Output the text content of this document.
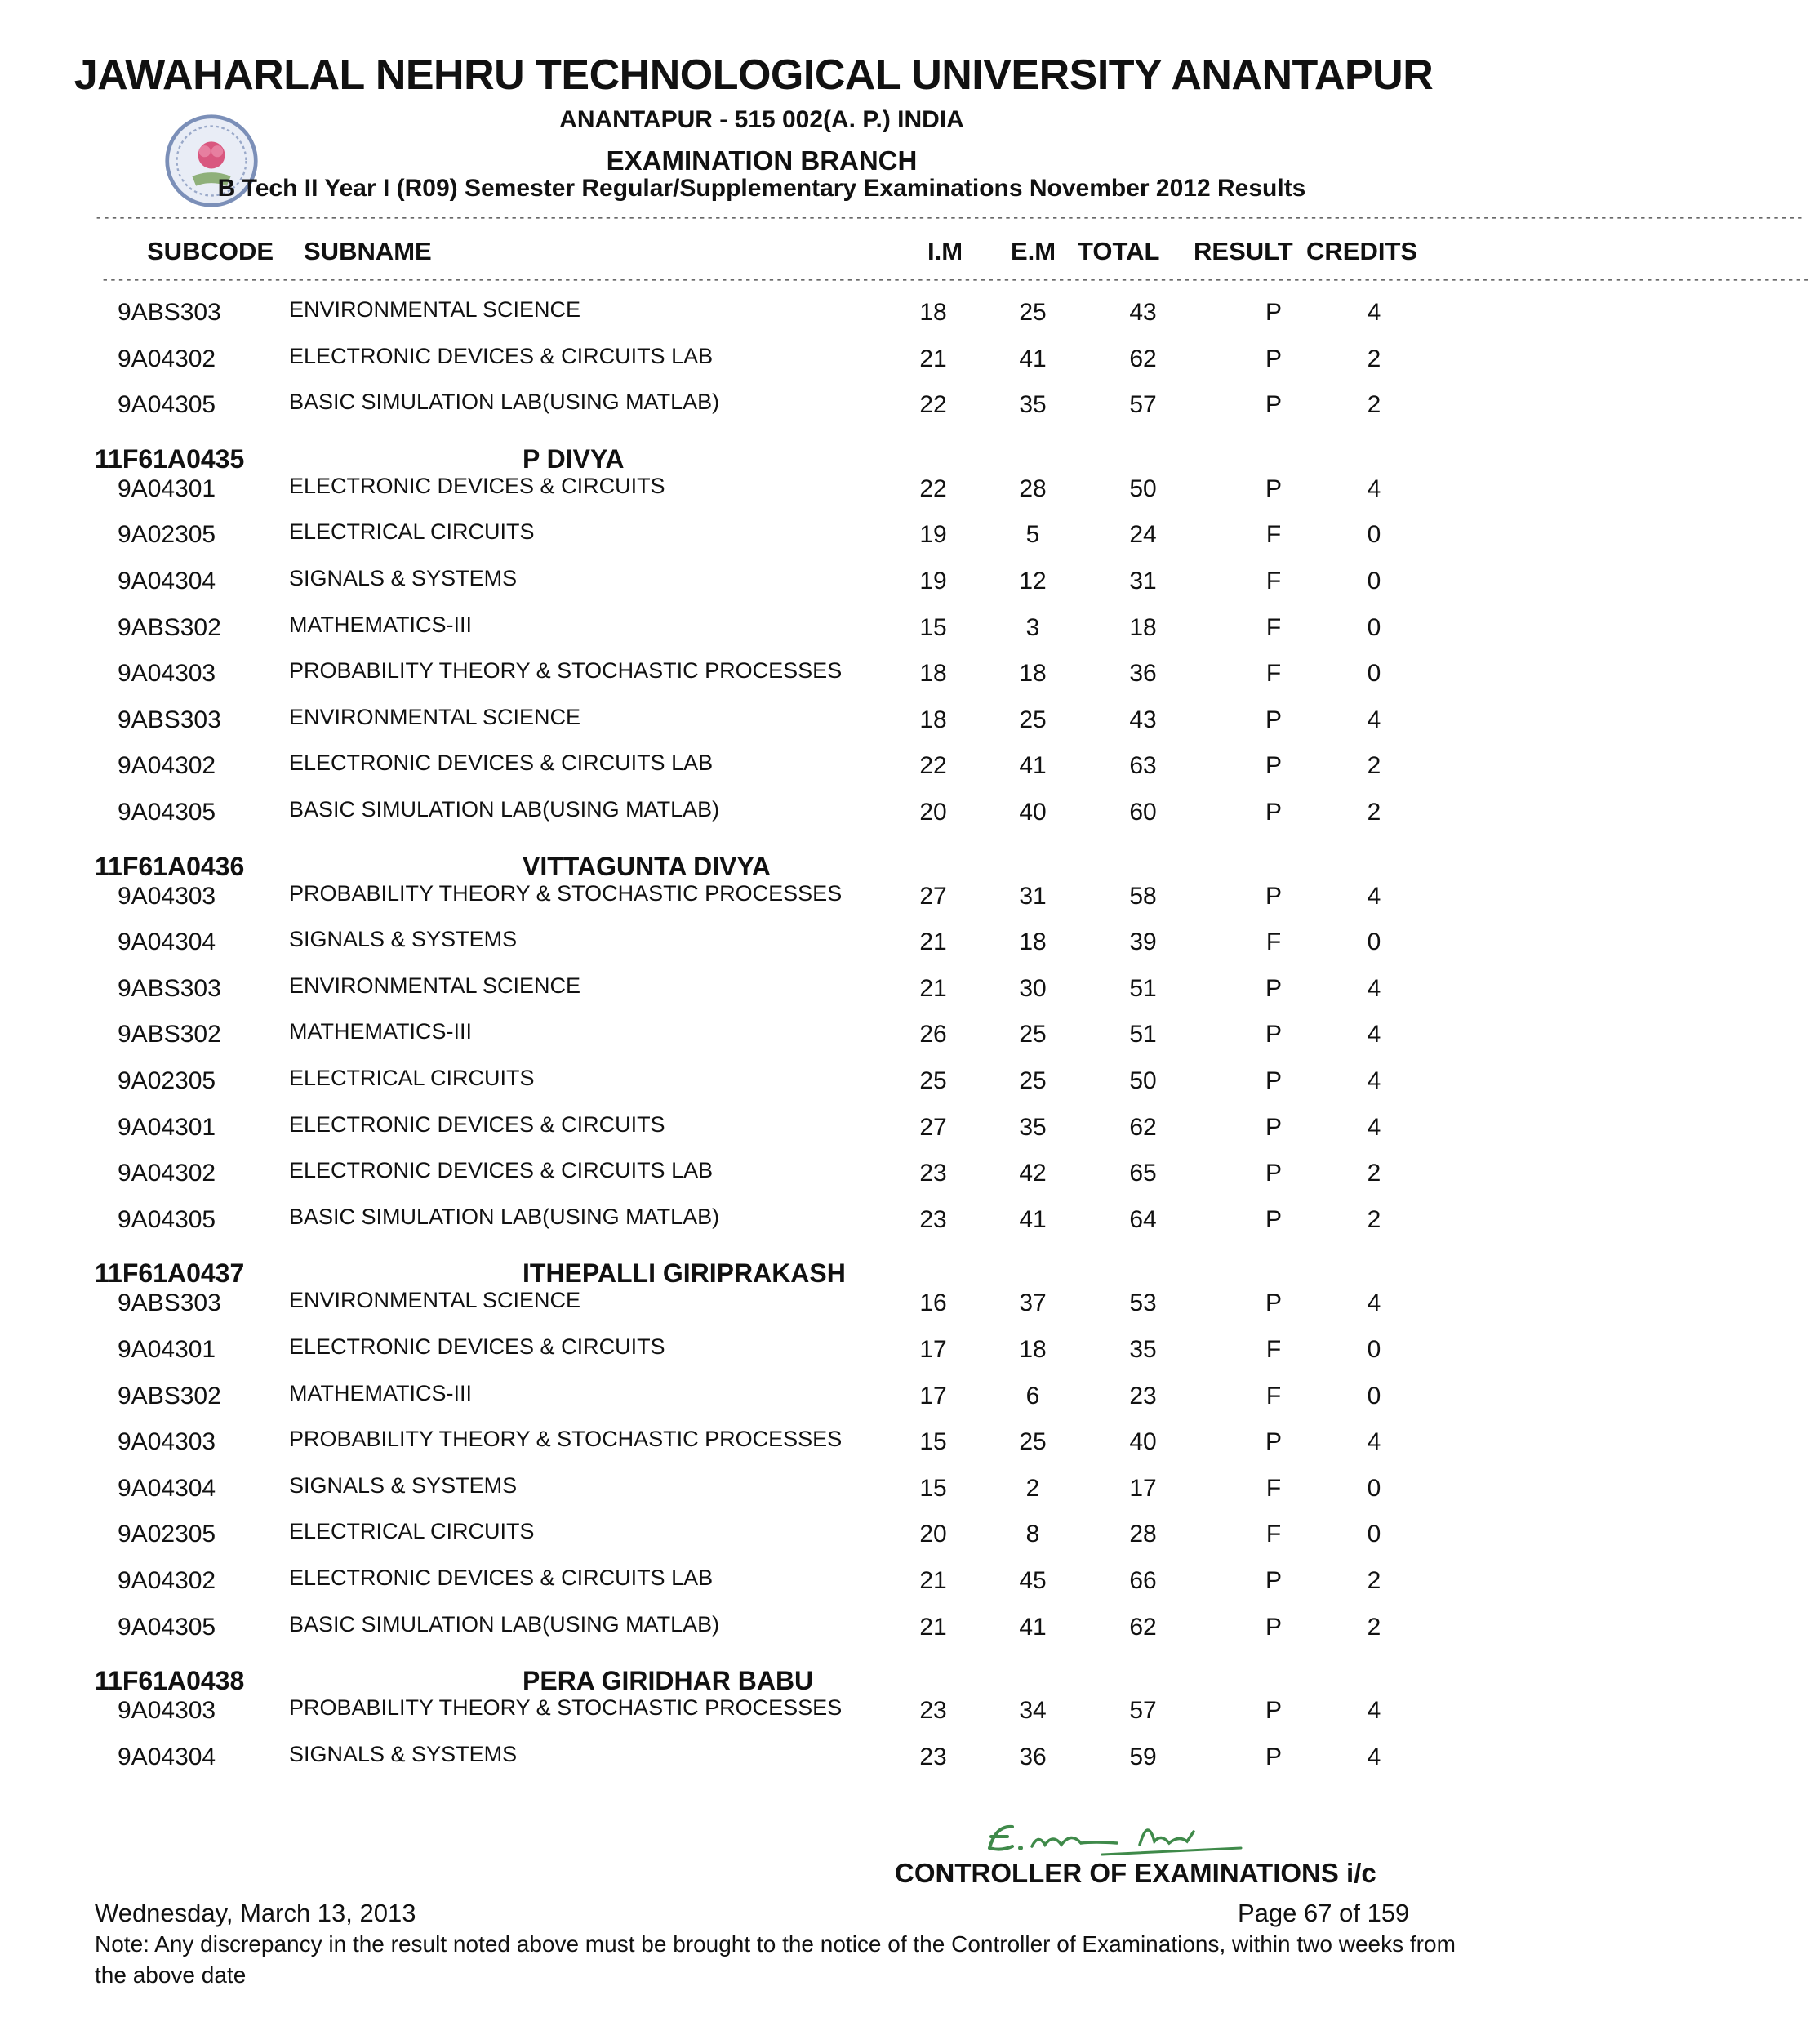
JAWAHARLAL NEHRU TECHNOLOGICAL UNIVERSITY ANANTAPUR
ANANTAPUR - 515 002(A. P.) INDIA
EXAMINATION BRANCH
B Tech II Year I (R09) Semester Regular/Supplementary Examinations November 2012 Results
--------------------------------------------------------------------------------------------------------------------------------------------------------------------------------------------------------------------------
SUBCODE SUBNAME	I.M E.M TOTAL RESULT CREDITS
--------------------------------------------------------------------------------------------------------------------------------------------------------------------------------------------------------------------------
9ABS303	ENVIRONMENTAL SCIENCE	18	25	43	P	4
9A04302	ELECTRONIC DEVICES & CIRCUITS LAB	21	41	62	P	2
9A04305	BASIC SIMULATION LAB(USING MATLAB)	22	35	57	P	2
11F61A0435	P DIVYA
9A04301	ELECTRONIC DEVICES & CIRCUITS	22	28	50	P	4
9A02305	ELECTRICAL CIRCUITS	19	5	24	F	0
9A04304	SIGNALS & SYSTEMS	19	12	31	F	0
9ABS302	MATHEMATICS-III	15	3	18	F	0
9A04303	PROBABILITY THEORY & STOCHASTIC PROCESSES	18	18	36	F	0
9ABS303	ENVIRONMENTAL SCIENCE	18	25	43	P	4
9A04302	ELECTRONIC DEVICES & CIRCUITS LAB	22	41	63	P	2
9A04305	BASIC SIMULATION LAB(USING MATLAB)	20	40	60	P	2
11F61A0436	VITTAGUNTA DIVYA
9A04303	PROBABILITY THEORY & STOCHASTIC PROCESSES	27	31	58	P	4
9A04304	SIGNALS & SYSTEMS	21	18	39	F	0
9ABS303	ENVIRONMENTAL SCIENCE	21	30	51	P	4
9ABS302	MATHEMATICS-III	26	25	51	P	4
9A02305	ELECTRICAL CIRCUITS	25	25	50	P	4
9A04301	ELECTRONIC DEVICES & CIRCUITS	27	35	62	P	4
9A04302	ELECTRONIC DEVICES & CIRCUITS LAB	23	42	65	P	2
9A04305	BASIC SIMULATION LAB(USING MATLAB)	23	41	64	P	2
11F61A0437	ITHEPALLI GIRIPRAKASH
9ABS303	ENVIRONMENTAL SCIENCE	16	37	53	P	4
9A04301	ELECTRONIC DEVICES & CIRCUITS	17	18	35	F	0
9ABS302	MATHEMATICS-III	17	6	23	F	0
9A04303	PROBABILITY THEORY & STOCHASTIC PROCESSES	15	25	40	P	4
9A04304	SIGNALS & SYSTEMS	15	2	17	F	0
9A02305	ELECTRICAL CIRCUITS	20	8	28	F	0
9A04302	ELECTRONIC DEVICES & CIRCUITS LAB	21	45	66	P	2
9A04305	BASIC SIMULATION LAB(USING MATLAB)	21	41	62	P	2
11F61A0438	PERA GIRIDHAR BABU
9A04303	PROBABILITY THEORY & STOCHASTIC PROCESSES	23	34	57	P	4
9A04304	SIGNALS & SYSTEMS	23	36	59	P	4
CONTROLLER OF EXAMINATIONS i/c
Wednesday, March 13, 2013	Page 67 of 159
Note: Any discrepancy in the result noted above must be brought to the notice of the Controller of Examinations, within two weeks from the above date
